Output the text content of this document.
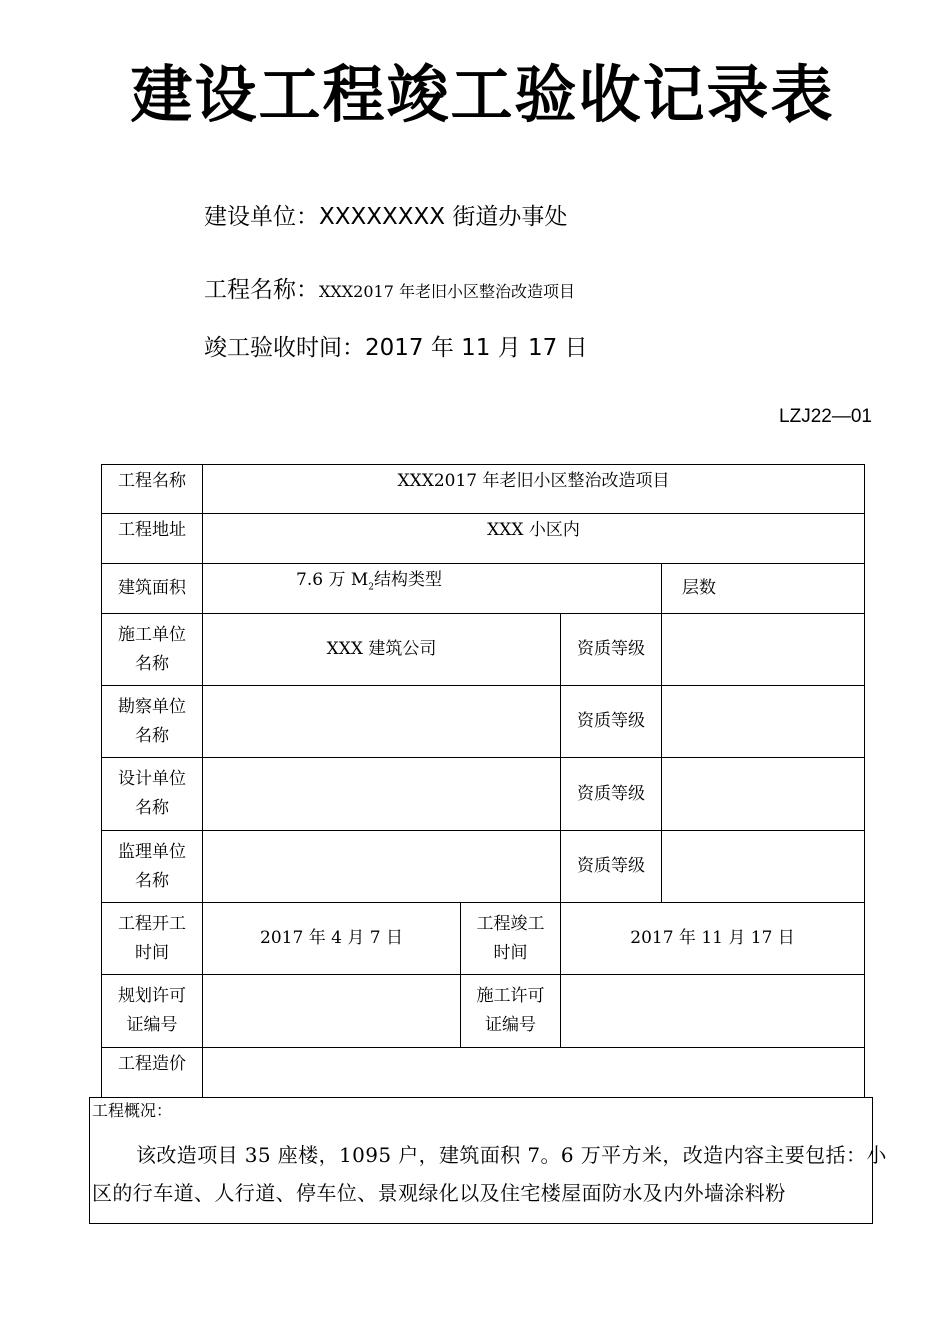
建设工程竣工验收记录表
建设单位：XXXXXXXX 街道办事处
工程名称：XXX2017 年老旧小区整治改造项目
竣工验收时间：2017 年 11 月 17 日
LZJ22—01
工程名称	XXX2017 年老旧小区整治改造项目			
工程地址	XXX 小区内			
建筑面积	7.6 万 $M_2$结构类型			层数
施工单位名称	XXX 建筑公司		资质等级	
勘察单位名称			资质等级	
设计单位名称			资质等级	
监理单位名称			资质等级	
工程开工时间	2017 年 4 月 7 日	工程竣工时间	2017 年 11 月 17 日	
规划许可证编号		施工许可证编号		
工程造价				
工程概况：
该改造项目 35 座楼，1095 户，建筑面积 7。6 万平方米，改造内容主要包括：小区的行车道、人行道、停车位、景观绿化以及住宅楼屋面防水及内外墙涂料粉
